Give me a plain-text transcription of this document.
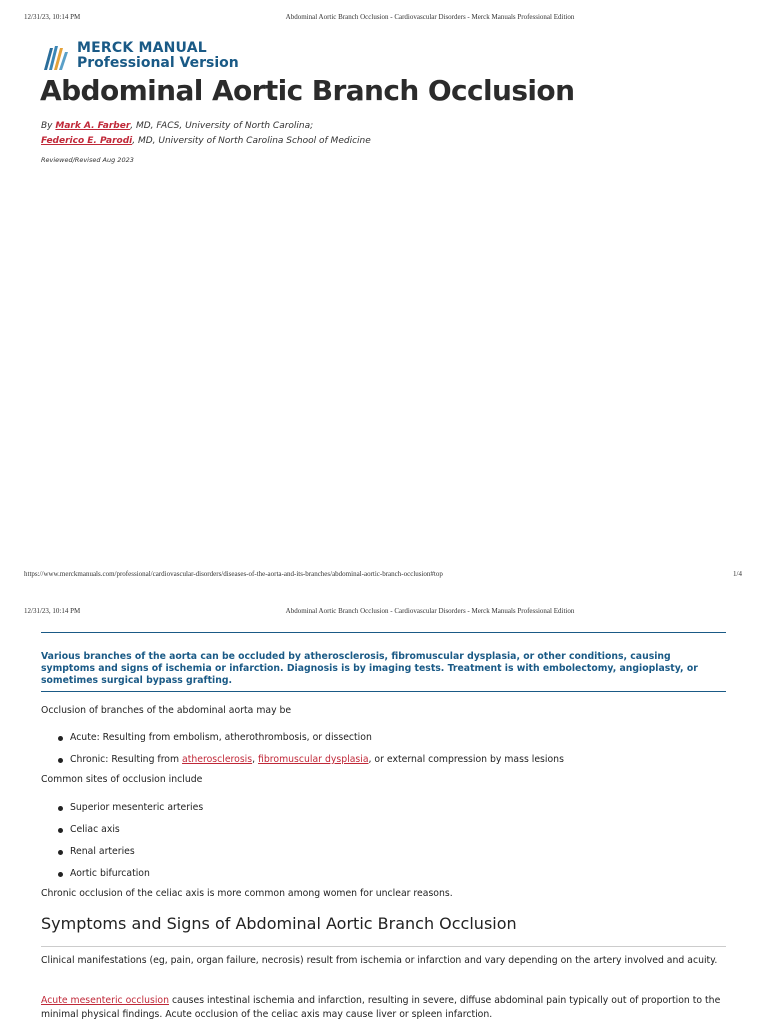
12/31/23, 10:14 PM	Abdominal Aortic Branch Occlusion - Cardiovascular Disorders - Merck Manuals Professional Edition
MERCK MANUAL
Professional Version
Abdominal Aortic Branch Occlusion
By Mark A. Farber, MD, FACS, University of North Carolina;
Federico E. Parodi, MD, University of North Carolina School of Medicine
Reviewed/Revised Aug 2023
https://www.merckmanuals.com/professional/cardiovascular-disorders/diseases-of-the-aorta-and-its-branches/abdominal-aortic-branch-occlusion#top	1/4
12/31/23, 10:14 PM	Abdominal Aortic Branch Occlusion - Cardiovascular Disorders - Merck Manuals Professional Edition
Various branches of the aorta can be occluded by atherosclerosis, fibromuscular dysplasia, or other conditions, causing symptoms and signs of ischemia or infarction. Diagnosis is by imaging tests. Treatment is with embolectomy, angioplasty, or sometimes surgical bypass grafting.
Occlusion of branches of the abdominal aorta may be
Acute: Resulting from embolism, atherothrombosis, or dissection
Chronic: Resulting from atherosclerosis, fibromuscular dysplasia, or external compression by mass lesions
Common sites of occlusion include
Superior mesenteric arteries
Celiac axis
Renal arteries
Aortic bifurcation
Chronic occlusion of the celiac axis is more common among women for unclear reasons.
Symptoms and Signs of Abdominal Aortic Branch Occlusion
Clinical manifestations (eg, pain, organ failure, necrosis) result from ischemia or infarction and vary depending on the artery involved and acuity.
Acute mesenteric occlusion causes intestinal ischemia and infarction, resulting in severe, diffuse abdominal pain typically out of proportion to the minimal physical findings. Acute occlusion of the celiac axis may cause liver or spleen infarction.
